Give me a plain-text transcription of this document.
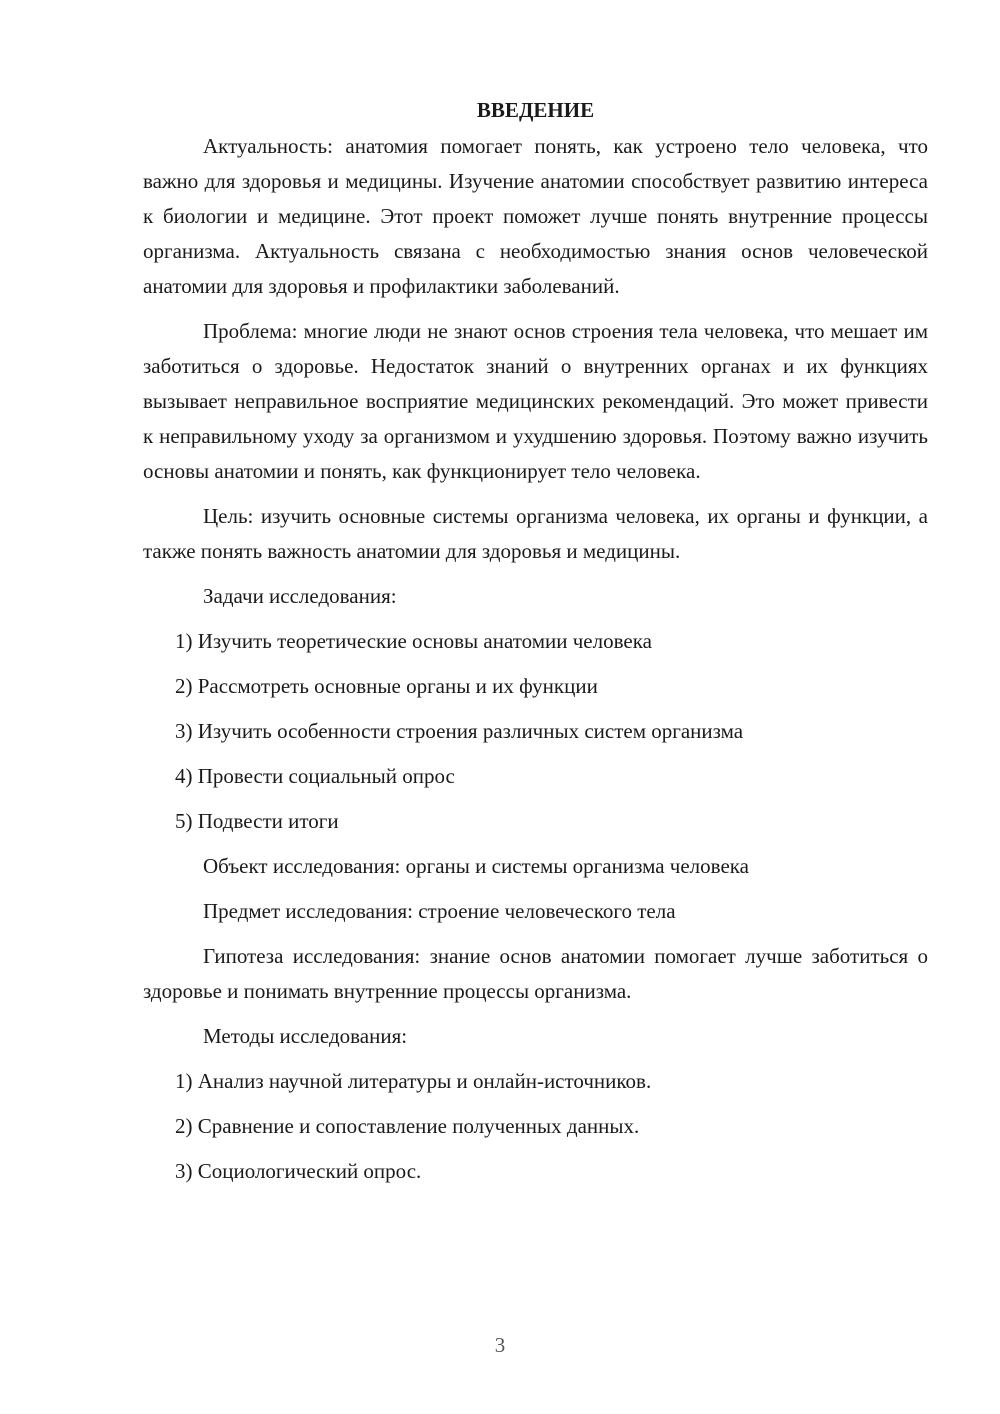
ВВЕДЕНИЕ

Актуальность: анатомия помогает понять, как устроено тело человека, что важно для здоровья и медицины. Изучение анатомии способствует развитию интереса к биологии и медицине. Этот проект поможет лучше понять внутренние процессы организма. Актуальность связана с необходимостью знания основ человеческой анатомии для здоровья и профилактики заболеваний.

Проблема: многие люди не знают основ строения тела человека, что мешает им заботиться о здоровье. Недостаток знаний о внутренних органах и их функциях вызывает неправильное восприятие медицинских рекомендаций. Это может привести к неправильному уходу за организмом и ухудшению здоровья. Поэтому важно изучить основы анатомии и понять, как функционирует тело человека.

Цель: изучить основные системы организма человека, их органы и функции, а также понять важность анатомии для здоровья и медицины.

Задачи исследования:

1) Изучить теоретические основы анатомии человека

2) Рассмотреть основные органы и их функции

3) Изучить особенности строения различных систем организма

4) Провести социальный опрос

5) Подвести итоги

Объект исследования: органы и системы организма человека

Предмет исследования: строение человеческого тела

Гипотеза исследования: знание основ анатомии помогает лучше заботиться о здоровье и понимать внутренние процессы организма.

Методы исследования:

1) Анализ научной литературы и онлайн-источников.

2) Сравнение и сопоставление полученных данных.

3) Социологический опрос.

3
